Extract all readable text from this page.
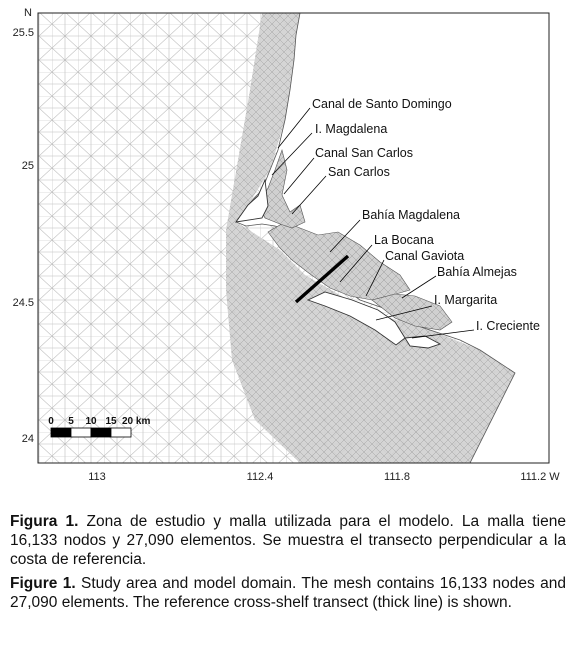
N
25.5
25
24.5
24
113	112.4	111.8	111.2 W
Canal de Santo Domingo
I. Magdalena
Canal San Carlos
San Carlos
Bahía Magdalena
La Bocana
Canal Gaviota
Bahía Almejas
I. Margarita
I. Creciente
0 5 10 15 20 km
Figura 1. Zona de estudio y malla utilizada para el modelo. La malla tiene 16,133 nodos y 27,090 elementos. Se muestra el transecto perpendicular a la costa de referencia.
Figure 1. Study area and model domain. The mesh contains 16,133 nodes and 27,090 elements. The reference cross-shelf transect (thick line) is shown.
